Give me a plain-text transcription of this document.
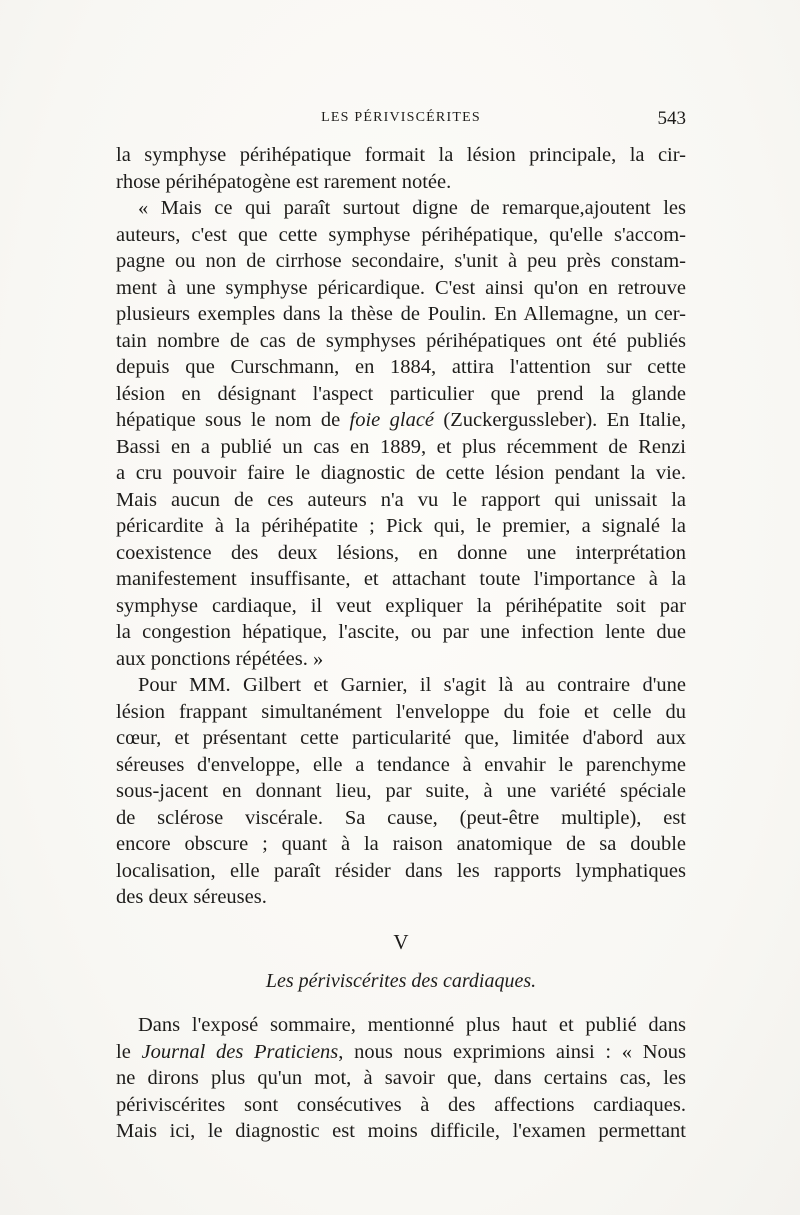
LES PÉRIVISCÉRITES	543
la symphyse périhépatique formait la lésion principale, la cir-
rhose périhépatogène est rarement notée.
« Mais ce qui paraît surtout digne de remarque,ajoutent les
auteurs, c'est que cette symphyse périhépatique, qu'elle s'accom-
pagne ou non de cirrhose secondaire, s'unit à peu près constam-
ment à une symphyse péricardique. C'est ainsi qu'on en retrouve
plusieurs exemples dans la thèse de Poulin. En Allemagne, un cer-
tain nombre de cas de symphyses périhépatiques ont été publiés
depuis que Curschmann, en 1884, attira l'attention sur cette
lésion en désignant l'aspect particulier que prend la glande
hépatique sous le nom de foie glacé (Zuckergussleber). En Italie,
Bassi en a publié un cas en 1889, et plus récemment de Renzi
a cru pouvoir faire le diagnostic de cette lésion pendant la vie.
Mais aucun de ces auteurs n'a vu le rapport qui unissait la
péricardite à la périhépatite ; Pick qui, le premier, a signalé la
coexistence des deux lésions, en donne une interprétation
manifestement insuffisante, et attachant toute l'importance à la
symphyse cardiaque, il veut expliquer la périhépatite soit par
la congestion hépatique, l'ascite, ou par une infection lente due
aux ponctions répétées. »
Pour MM. Gilbert et Garnier, il s'agit là au contraire d'une
lésion frappant simultanément l'enveloppe du foie et celle du
cœur, et présentant cette particularité que, limitée d'abord aux
séreuses d'enveloppe, elle a tendance à envahir le parenchyme
sous-jacent en donnant lieu, par suite, à une variété spéciale
de sclérose viscérale. Sa cause, (peut-être multiple), est
encore obscure ; quant à la raison anatomique de sa double
localisation, elle paraît résider dans les rapports lymphatiques
des deux séreuses.
V
Les périviscérites des cardiaques.
Dans l'exposé sommaire, mentionné plus haut et publié dans
le Journal des Praticiens, nous nous exprimions ainsi : « Nous
ne dirons plus qu'un mot, à savoir que, dans certains cas, les
périviscérites sont consécutives à des affections cardiaques.
Mais ici, le diagnostic est moins difficile, l'examen permettant
